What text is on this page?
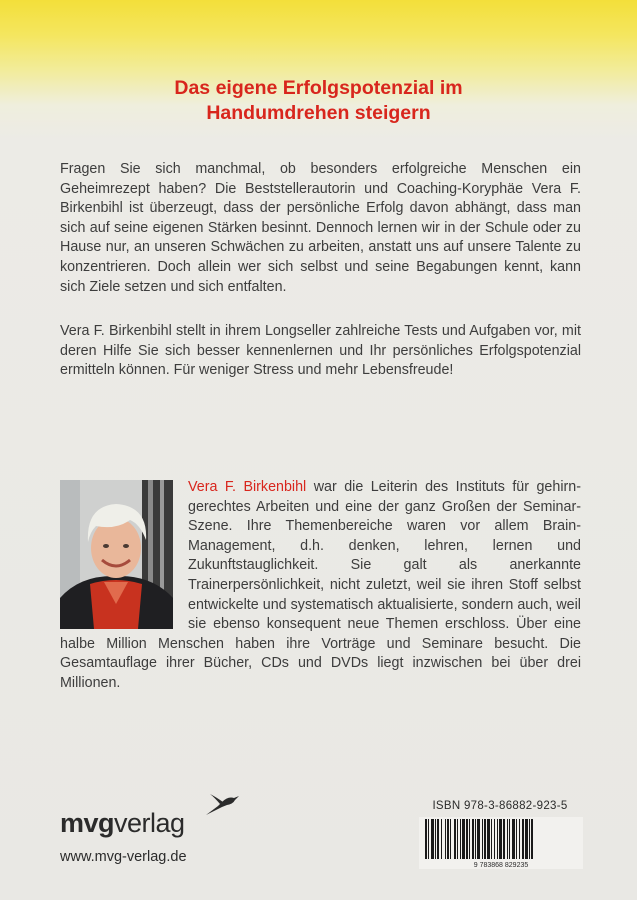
Das eigene Erfolgspotenzial im
Handumdrehen steigern

Fragen Sie sich manchmal, ob besonders erfolgreiche Menschen ein Geheimrezept haben? Die Beststellerautorin und Coaching-Koryphäe Vera F. Birkenbihl ist überzeugt, dass der persönliche Erfolg davon abhängt, dass man sich auf seine eigenen Stärken besinnt. Dennoch lernen wir in der Schule oder zu Hause nur, an unseren Schwächen zu arbeiten, anstatt uns auf unsere Talente zu konzentrieren. Doch allein wer sich selbst und seine Begabungen kennt, kann sich Ziele setzen und sich entfalten.

Vera F. Birkenbihl stellt in ihrem Longseller zahlreiche Tests und Aufgaben vor, mit deren Hilfe Sie sich besser kennenlernen und Ihr persönliches Erfolgspotenzial ermitteln können. Für weniger Stress und mehr Lebensfreude!

Vera F. Birkenbihl war die Leiterin des Instituts für gehirn-gerechtes Arbeiten und eine der ganz Großen der Seminar-Szene. Ihre Themenbereiche waren vor allem Brain-Management, d.h. denken, lehren, lernen und Zukunftstauglichkeit. Sie galt als anerkannte Trainerpersönlichkeit, nicht zuletzt, weil sie ihren Stoff selbst entwickelte und systematisch aktualisierte, sondern auch, weil sie ebenso konsequent neue Themen erschloss. Über eine halbe Million Menschen haben ihre Vorträge und Seminare besucht. Die Gesamtauflage ihrer Bücher, CDs und DVDs liegt inzwischen bei über drei Millionen.

mvgverlag
www.mvg-verlag.de
ISBN 978-3-86882-923-5
9 783868 829235
